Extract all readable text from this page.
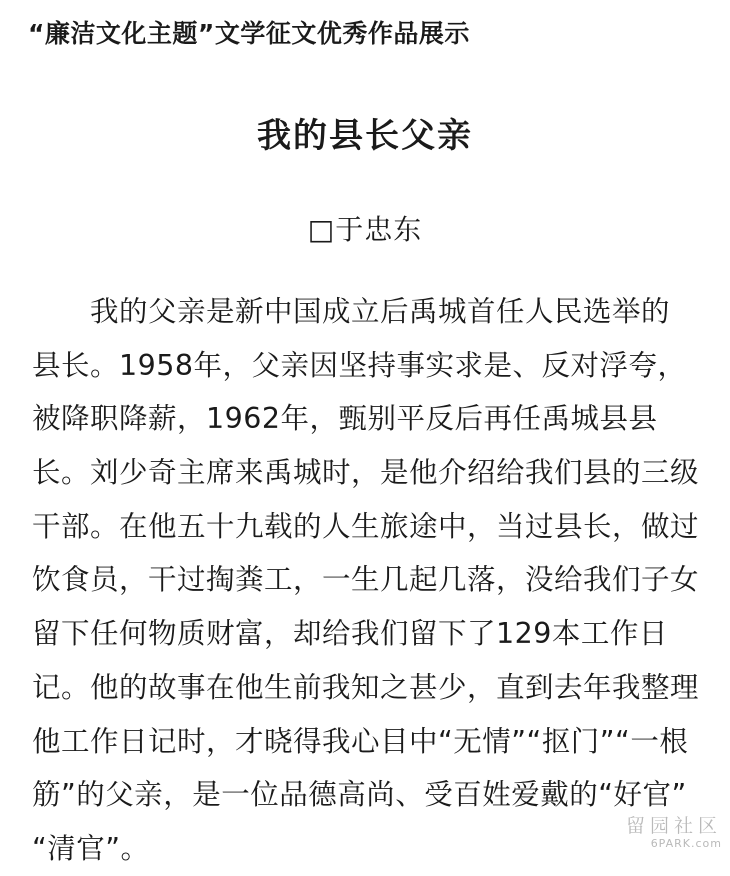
“廉洁文化主题”文学征文优秀作品展示
我的县长父亲
□于忠东
我的父亲是新中国成立后禹城首任人民选举的
县长。1958年，父亲因坚持事实求是、反对浮夸，
被降职降薪，1962年，甄别平反后再任禹城县县
长。刘少奇主席来禹城时，是他介绍给我们县的三级
干部。在他五十九载的人生旅途中，当过县长，做过
饮食员，干过掏粪工，一生几起几落，没给我们子女
留下任何物质财富，却给我们留下了129本工作日
记。他的故事在他生前我知之甚少，直到去年我整理
他工作日记时，才晓得我心目中“无情”“抠门”“一根
筋”的父亲，是一位品德高尚、受百姓爱戴的“好官”
“清官”。
留园社区
6PARK.com
